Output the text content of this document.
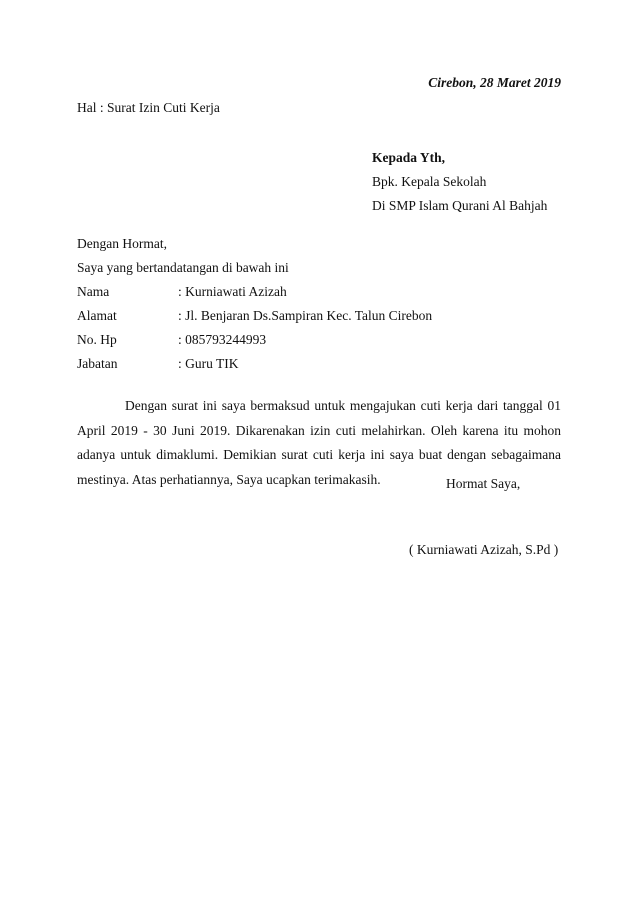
Cirebon, 28 Maret 2019
Hal : Surat Izin Cuti Kerja
Kepada Yth,
Bpk. Kepala Sekolah
Di SMP Islam Qurani Al Bahjah
Dengan Hormat,
Saya yang bertandatangan di bawah ini
Nama	: Kurniawati Azizah
Alamat	: Jl. Benjaran Ds.Sampiran Kec. Talun Cirebon
No. Hp	: 085793244993
Jabatan	: Guru TIK
Dengan surat ini saya bermaksud untuk mengajukan cuti kerja dari tanggal 01 April 2019 - 30 Juni 2019. Dikarenakan izin cuti melahirkan. Oleh karena itu mohon adanya untuk dimaklumi. Demikian surat cuti kerja ini saya buat dengan sebagaimana mestinya. Atas perhatiannya, Saya ucapkan terimakasih.	Hormat Saya,
( Kurniawati Azizah, S.Pd )
